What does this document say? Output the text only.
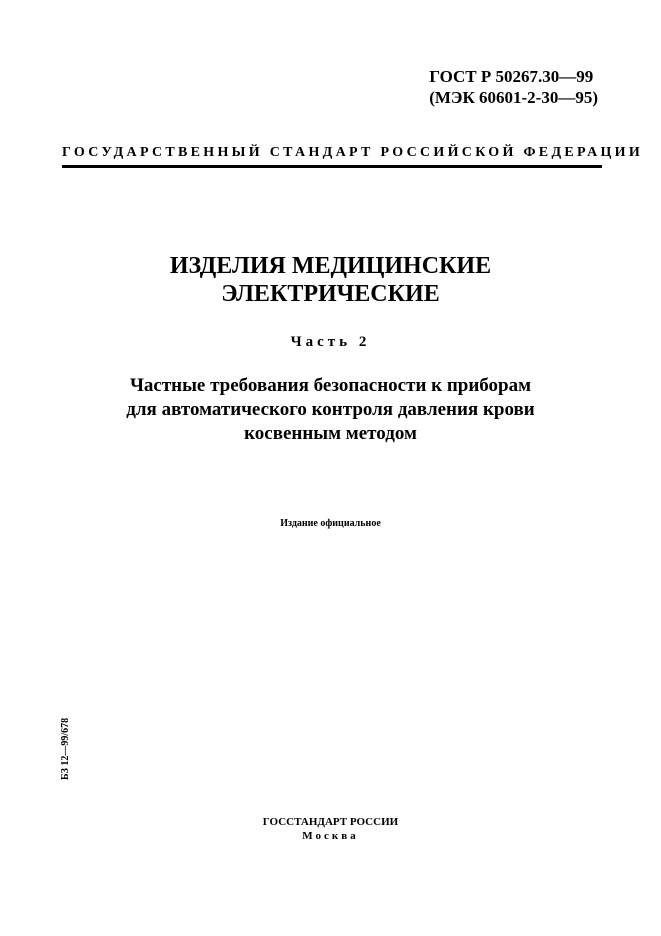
ГОСТ Р 50267.30—99
(МЭК 60601-2-30—95)
ГОСУДАРСТВЕННЫЙ СТАНДАРТ РОССИЙСКОЙ ФЕДЕРАЦИИ
ИЗДЕЛИЯ МЕДИЦИНСКИЕ
ЭЛЕКТРИЧЕСКИЕ
Часть 2
Частные требования безопасности к приборам
для автоматического контроля давления крови
косвенным методом
Издание официальное
БЗ 12—99/678
ГОССТАНДАРТ РОССИИ
Москва
